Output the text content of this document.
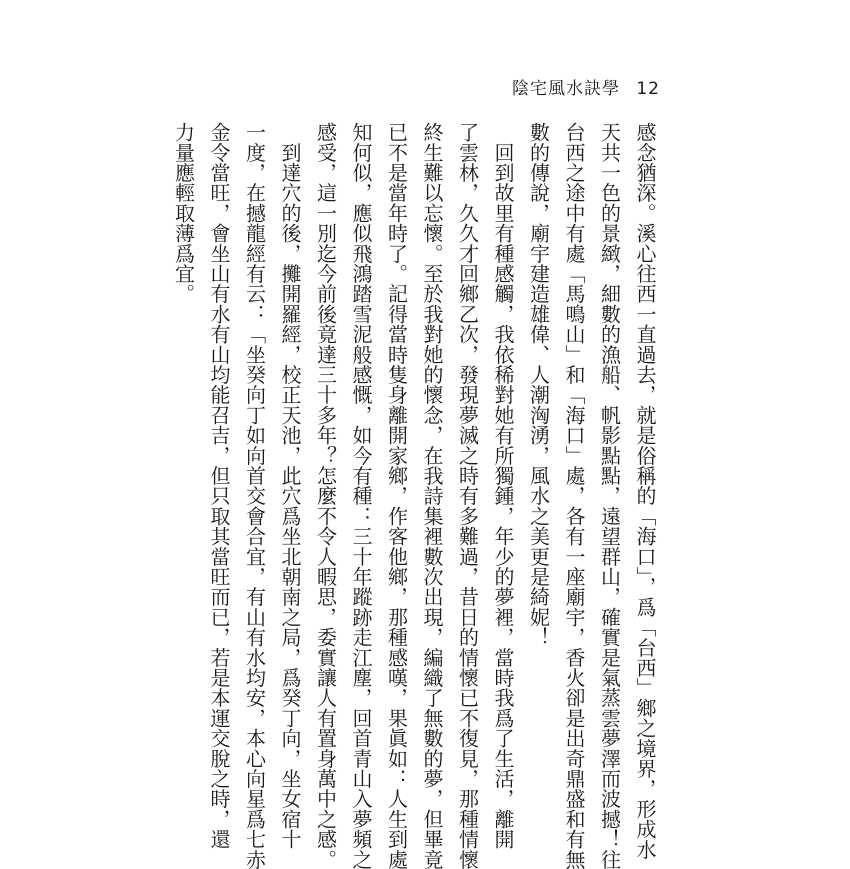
陰宅風水訣學 12

感念猶深。溪心往西一直過去，就是俗稱的「海口」，爲「台西」鄉之境界，形成水

天共一色的景緻，細數的漁船、帆影點點，遠望群山，確實是氣蒸雲夢澤而波撼！往

台西之途中有處「馬鳴山」和「海口」處，各有一座廟宇，香火卻是出奇鼎盛和有無

數的傳說，廟宇建造雄偉、人潮洶湧，風水之美更是綺妮！

　回到故里有種感觸，我依稀對她有所獨鍾，年少的夢裡，當時我爲了生活，離開

了雲林，久久才回鄉乙次，發現夢滅之時有多難過，昔日的情懷已不復見，那種情懷

終生難以忘懷。至於我對她的懷念，在我詩集裡數次出現，編織了無數的夢，但畢竟

已不是當年時了。記得當時隻身離開家鄉，作客他鄉，那種感嘆，果眞如：人生到處

知何似，應似飛鴻踏雪泥般感慨，如今有種：三十年蹤跡走江塵，回首青山入夢頻之

感受，這一別迄今前後竟達三十多年？怎麼不令人暇思，委實讓人有置身萬中之感。

　到達穴的後，攤開羅經，校正天池，此穴爲坐北朝南之局，爲癸丁向，坐女宿十

一度，在撼龍經有云：「坐癸向丁如向首交會合宜，有山有水均安，本心向星爲七赤

金令當旺，會坐山有水有山均能召吉，但只取其當旺而已，若是本運交脫之時，還

力量應輕取薄爲宜。
